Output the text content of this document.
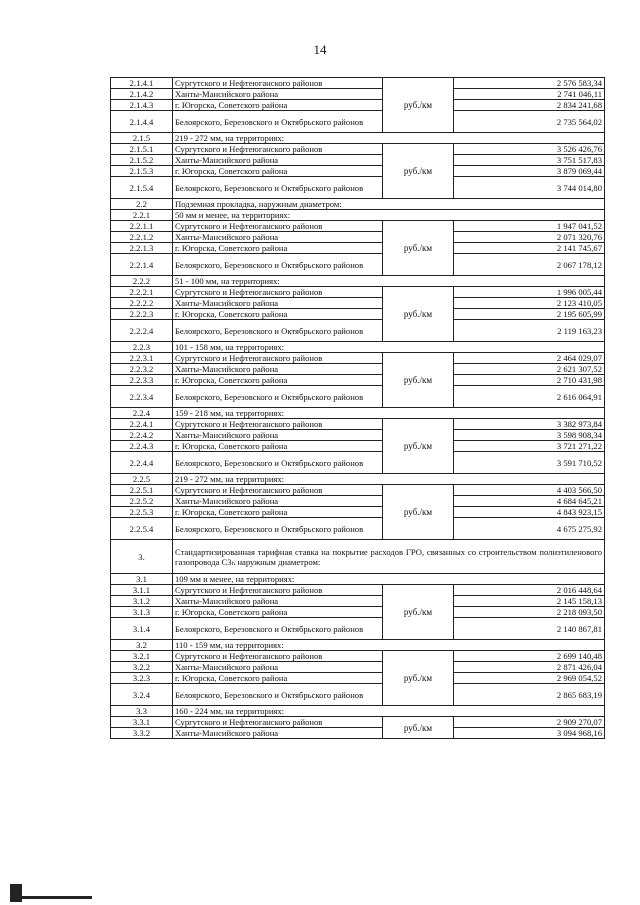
14
2.1.4.1	Сургутского и Нефтеюганского районов	руб./км	2 576 583,34
2.1.4.2	Ханты-Мансийского района		2 741 046,11
2.1.4.3	г. Югорска, Советского района		2 834 241,68
2.1.4.4	Белоярского, Березовского и Октябрьского районов		2 735 564,02
2.1.5	219 - 272 мм, на территориях:		
2.1.5.1	Сургутского и Нефтеюганского районов	руб./км	3 526 426,76
2.1.5.2	Ханты-Мансийского района		3 751 517,83
2.1.5.3	г. Югорска, Советского района		3 879 069,44
2.1.5.4	Белоярского, Березовского и Октябрьского районов		3 744 014,80
2.2	Подземная прокладка, наружным диаметром:		
2.2.1	50 мм и менее, на территориях:		
2.2.1.1	Сургутского и Нефтеюганского районов	руб./км	1 947 041,52
2.2.1.2	Ханты-Мансийского района		2 071 320,76
2.2.1.3	г. Югорска, Советского района		2 141 745,67
2.2.1.4	Белоярского, Березовского и Октябрьского районов		2 067 178,12
2.2.2	51 - 100 мм, на территориях:		
2.2.2.1	Сургутского и Нефтеюганского районов	руб./км	1 996 005,44
2.2.2.2	Ханты-Мансийского района		2 123 410,05
2.2.2.3	г. Югорска, Советского района		2 195 605,99
2.2.2.4	Белоярского, Березовского и Октябрьского районов		2 119 163,23
2.2.3	101 - 158 мм, на территориях:		
2.2.3.1	Сургутского и Нефтеюганского районов	руб./км	2 464 029,07
2.2.3.2	Ханты-Мансийского района		2 621 307,52
2.2.3.3	г. Югорска, Советского района		2 710 431,98
2.2.3.4	Белоярского, Березовского и Октябрьского районов		2 616 064,91
2.2.4	159 - 218 мм, на территориях:		
2.2.4.1	Сургутского и Нефтеюганского районов	руб./км	3 382 973,84
2.2.4.2	Ханты-Мансийского района		3 598 908,34
2.2.4.3	г. Югорска, Советского района		3 721 271,22
2.2.4.4	Белоярского, Березовского и Октябрьского районов		3 591 710,52
2.2.5	219 - 272 мм, на территориях:		
2.2.5.1	Сургутского и Нефтеюганского районов	руб./км	4 403 566,50
2.2.5.2	Ханты-Мансийского района		4 684 645,21
2.2.5.3	г. Югорска, Советского района		4 843 923,15
2.2.5.4	Белоярского, Березовского и Октябрьского районов		4 675 275,92
3.	Стандартизированная тарифная ставка на покрытие расходов ГРО, связанных со строительством полиэтиленового газопровода С3ₕ наружным диаметром:		
3.1	109 мм и менее, на территориях:		
3.1.1	Сургутского и Нефтеюганского районов	руб./км	2 016 448,64
3.1.2	Ханты-Мансийского района		2 145 158,13
3.1.3	г. Югорска, Советского района		2 218 093,50
3.1.4	Белоярского, Березовского и Октябрьского районов		2 140 867,81
3.2	110 - 159 мм, на территориях:		
3.2.1	Сургутского и Нефтеюганского районов	руб./км	2 699 140,48
3.2.2	Ханты-Мансийского района		2 871 426,04
3.2.3	г. Югорска, Советского района		2 969 054,52
3.2.4	Белоярского, Березовского и Октябрьского районов		2 865 683,19
3.3	160 - 224 мм, на территориях:		
3.3.1	Сургутского и Нефтеюганского районов	руб./км	2 909 270,07
3.3.2	Ханты-Мансийского района		3 094 968,16
